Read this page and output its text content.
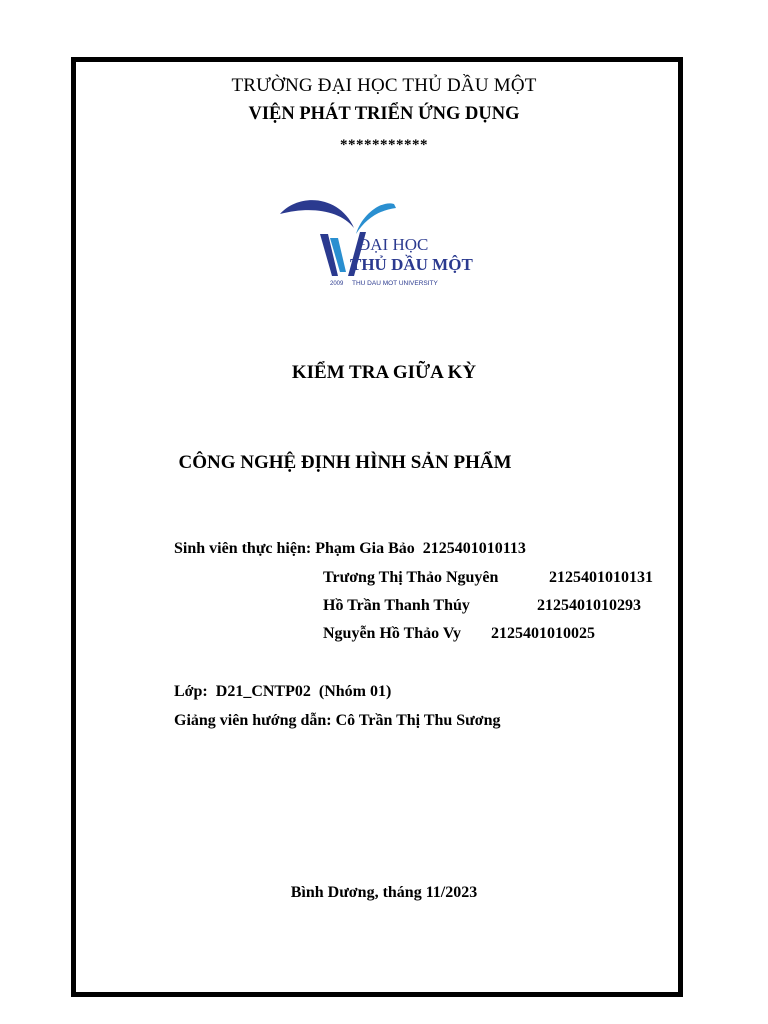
TRƯỜNG ĐẠI HỌC THỦ DẦU MỘT
VIỆN PHÁT TRIỂN ỨNG DỤNG
***********
ĐẠI HỌC
THỦ DẦU MỘT
2009 THU DAU MOT UNIVERSITY
KIỂM TRA GIỮA KỲ
CÔNG NGHỆ ĐỊNH HÌNH SẢN PHẨM
Sinh viên thực hiện: Phạm Gia Bảo 2125401010113
Trương Thị Thảo Nguyên	2125401010131
Hồ Trần Thanh Thúy	2125401010293
Nguyễn Hồ Thảo Vy 2125401010025
Lớp: D21_CNTP02 (Nhóm 01)
Giảng viên hướng dẫn: Cô Trần Thị Thu Sương
Bình Dương, tháng 11/2023
